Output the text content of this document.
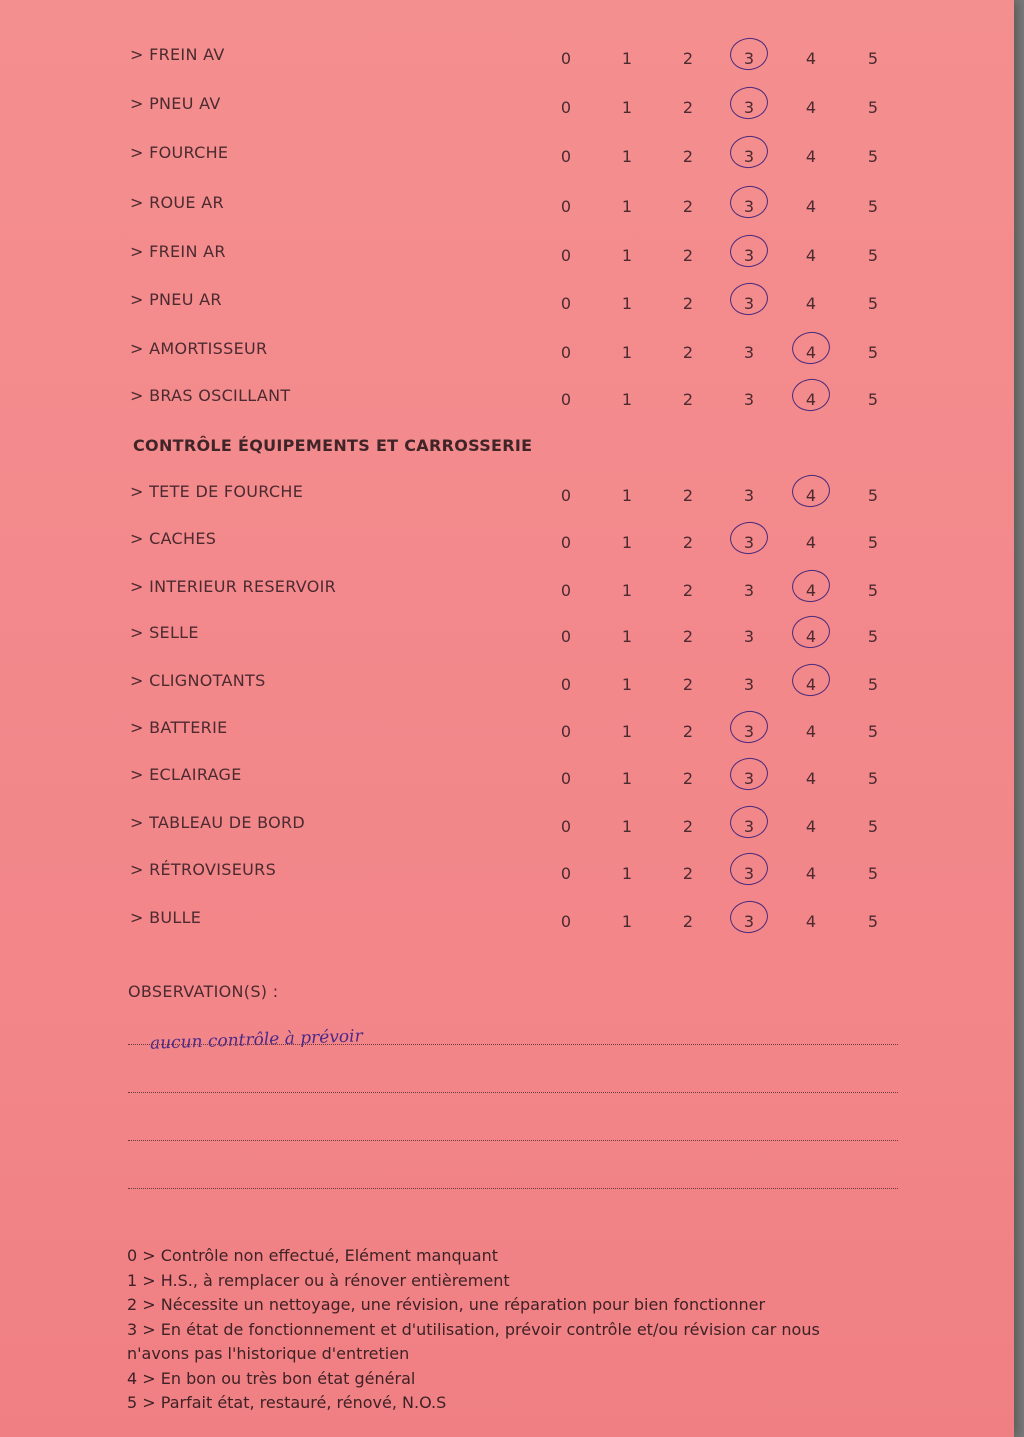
> FREIN AV	0	1	2	3	4	5
> PNEU AV	0	1	2	3	4	5
> FOURCHE	0	1	2	3	4	5
> ROUE AR	0	1	2	3	4	5
> FREIN AR	0	1	2	3	4	5
> PNEU AR	0	1	2	3	4	5
> AMORTISSEUR	0	1	2	3	4	5
> BRAS OSCILLANT	0	1	2	3	4	5
CONTRÔLE ÉQUIPEMENTS ET CARROSSERIE
> TETE DE FOURCHE	0	1	2	3	4	5
> CACHES	0	1	2	3	4	5
> INTERIEUR RESERVOIR	0	1	2	3	4	5
> SELLE	0	1	2	3	4	5
> CLIGNOTANTS	0	1	2	3	4	5
> BATTERIE	0	1	2	3	4	5
> ECLAIRAGE	0	1	2	3	4	5
> TABLEAU DE BORD	0	1	2	3	4	5
> RÉTROVISEURS	0	1	2	3	4	5
> BULLE	0	1	2	3	4	5
OBSERVATION(S) :
aucun contrôle à prévoir
0 > Contrôle non effectué, Elément manquant
1 > H.S., à remplacer ou à rénover entièrement
2 > Nécessite un nettoyage, une révision, une réparation pour bien fonctionner
3 > En état de fonctionnement et d'utilisation, prévoir contrôle et/ou révision car nous
n'avons pas l'historique d'entretien
4 > En bon ou très bon état général
5 > Parfait état, restauré, rénové, N.O.S
